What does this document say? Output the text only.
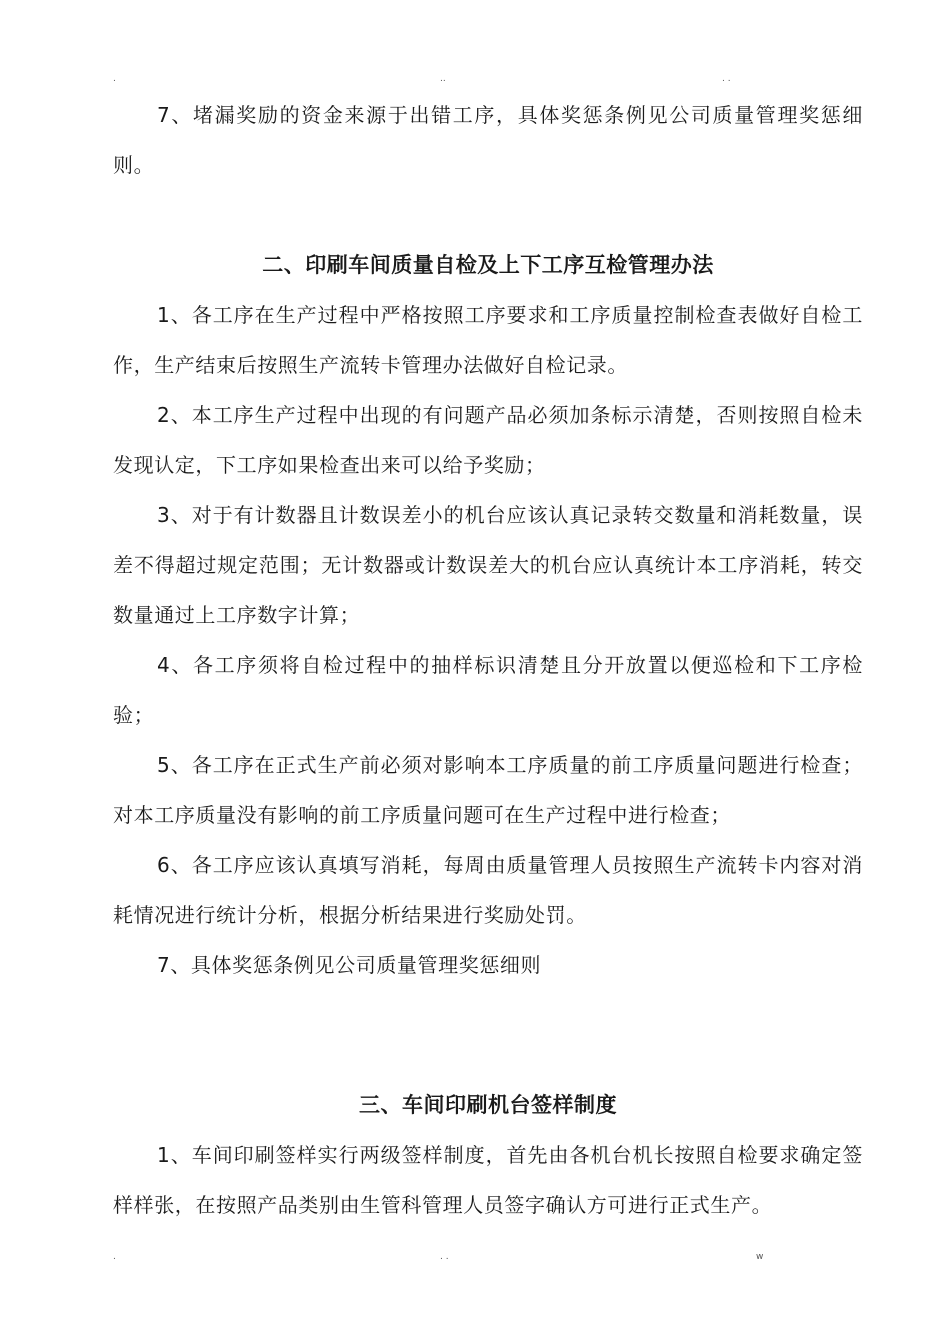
.	..	. .

7、堵漏奖励的资金来源于出错工序，具体奖惩条例见公司质量管理奖惩细则。

二、印刷车间质量自检及上下工序互检管理办法

1、各工序在生产过程中严格按照工序要求和工序质量控制检查表做好自检工作，生产结束后按照生产流转卡管理办法做好自检记录。

2、本工序生产过程中出现的有问题产品必须加条标示清楚，否则按照自检未发现认定，下工序如果检查出来可以给予奖励；

3、对于有计数器且计数误差小的机台应该认真记录转交数量和消耗数量，误差不得超过规定范围；无计数器或计数误差大的机台应认真统计本工序消耗，转交数量通过上工序数字计算；

4、各工序须将自检过程中的抽样标识清楚且分开放置以便巡检和下工序检验；

5、各工序在正式生产前必须对影响本工序质量的前工序质量问题进行检查；对本工序质量没有影响的前工序质量问题可在生产过程中进行检查；

6、各工序应该认真填写消耗，每周由质量管理人员按照生产流转卡内容对消耗情况进行统计分析，根据分析结果进行奖励处罚。

7、具体奖惩条例见公司质量管理奖惩细则

三、车间印刷机台签样制度

1、车间印刷签样实行两级签样制度，首先由各机台机长按照自检要求确定签样样张，在按照产品类别由生管科管理人员签字确认方可进行正式生产。

.	. .	w
